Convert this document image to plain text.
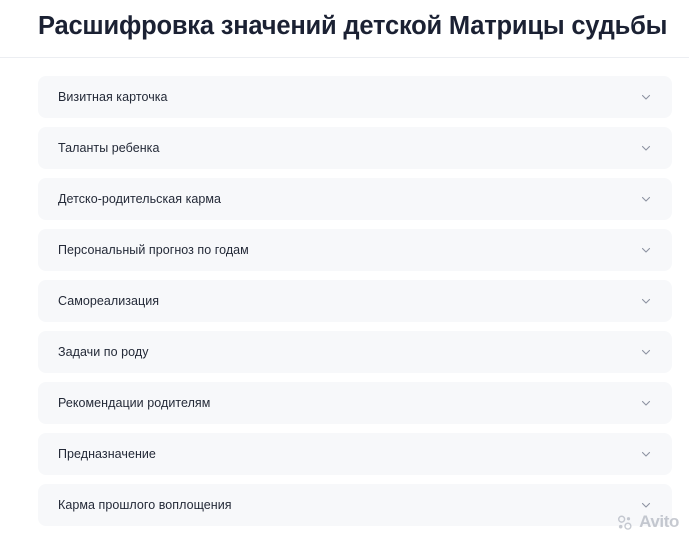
Расшифровка значений детской Матрицы судьбы
Визитная карточка
Таланты ребенка
Детско-родительская карма
Персональный прогноз по годам
Самореализация
Задачи по роду
Рекомендации родителям
Предназначение
Карма прошлого воплощения
Avito
